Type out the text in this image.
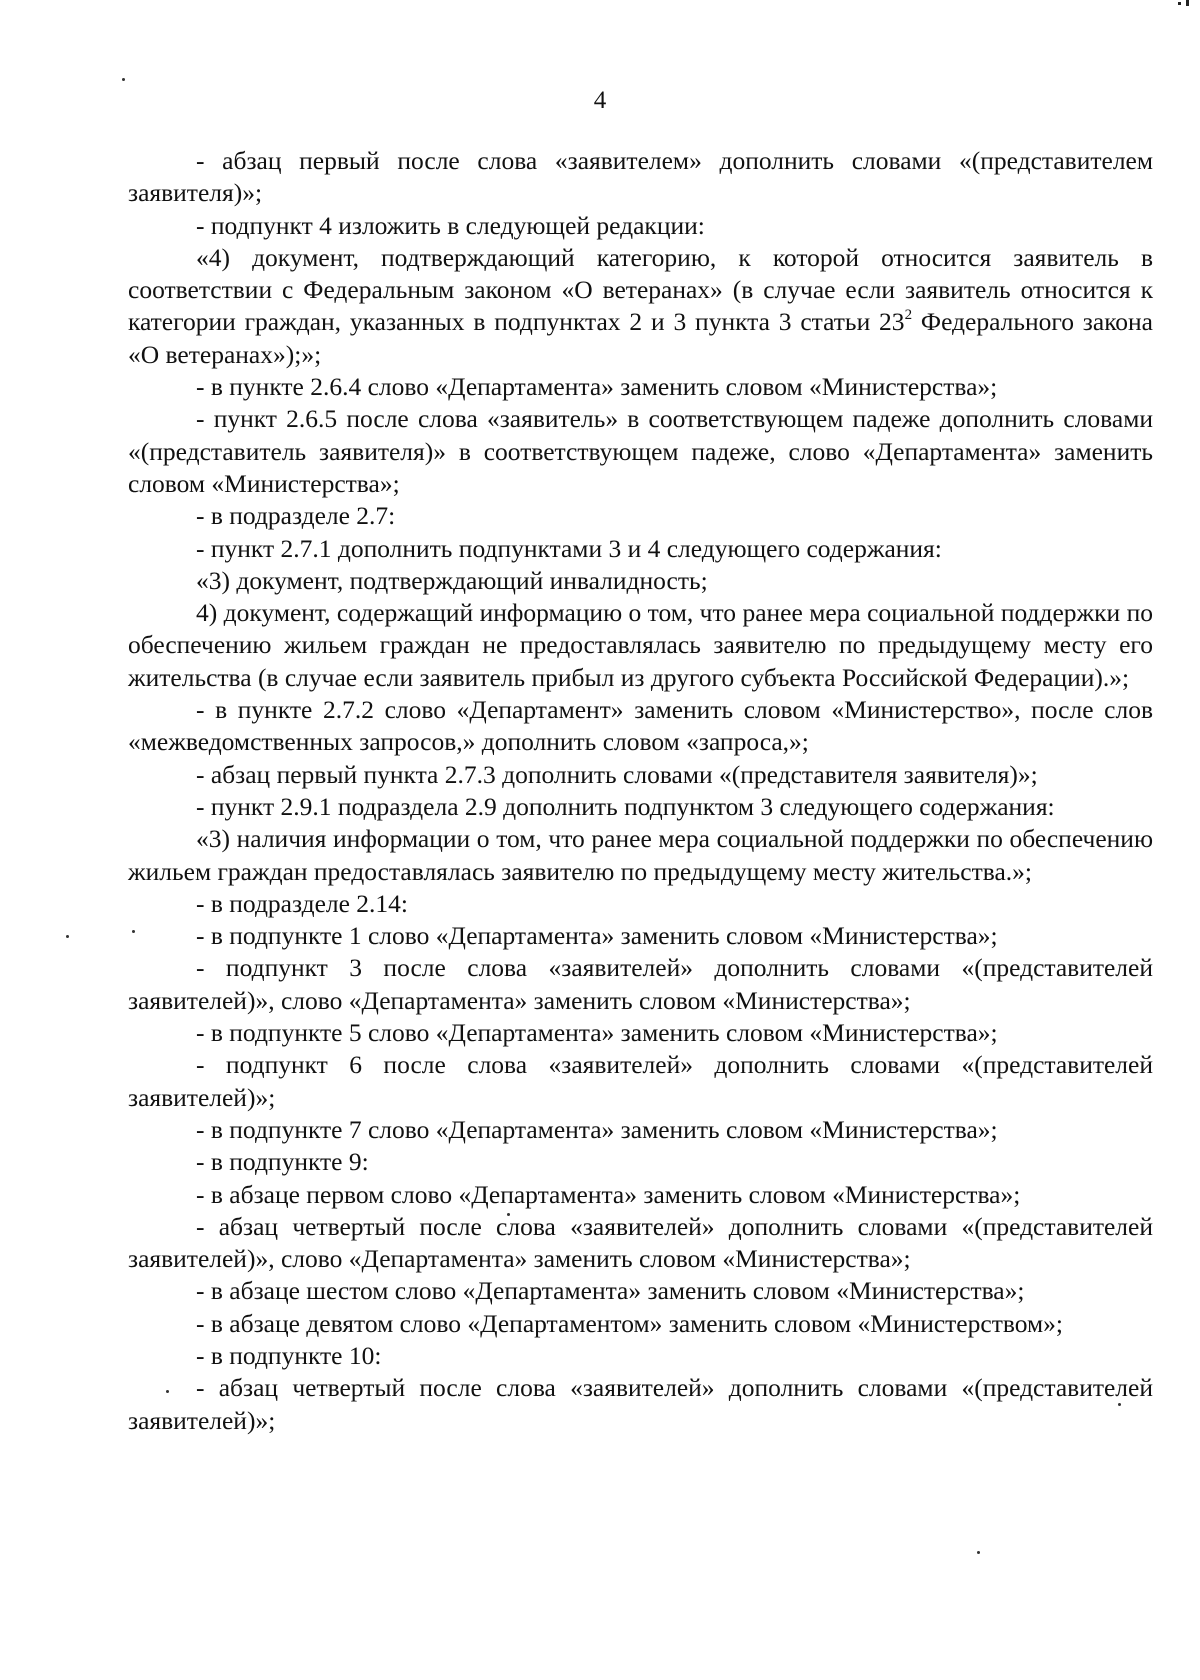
4

- абзац первый после слова «заявителем» дополнить словами «(представителем заявителя)»;

- подпункт 4 изложить в следующей редакции:

«4) документ, подтверждающий категорию, к которой относится заявитель в соответствии с Федеральным законом «О ветеранах» (в случае если заявитель относится к категории граждан, указанных в подпунктах 2 и 3 пункта 3 статьи $23^2$ Федерального закона «О ветеранах»);»;

- в пункте 2.6.4 слово «Департамента» заменить словом «Министерства»;

- пункт 2.6.5 после слова «заявитель» в соответствующем падеже дополнить словами «(представитель заявителя)» в соответствующем падеже, слово «Департамента» заменить словом «Министерства»;

- в подразделе 2.7:

- пункт 2.7.1 дополнить подпунктами 3 и 4 следующего содержания:

«3) документ, подтверждающий инвалидность;

4) документ, содержащий информацию о том, что ранее мера социальной поддержки по обеспечению жильем граждан не предоставлялась заявителю по предыдущему месту его жительства (в случае если заявитель прибыл из другого субъекта Российской Федерации).»;

- в пункте 2.7.2 слово «Департамент» заменить словом «Министерство», после слов «межведомственных запросов,» дополнить словом «запроса,»;

- абзац первый пункта 2.7.3 дополнить словами «(представителя заявителя)»;

- пункт 2.9.1 подраздела 2.9 дополнить подпунктом 3 следующего содержания:

«3) наличия информации о том, что ранее мера социальной поддержки по обеспечению жильем граждан предоставлялась заявителю по предыдущему месту жительства.»;

- в подразделе 2.14:

- в подпункте 1 слово «Департамента» заменить словом «Министерства»;

- подпункт 3 после слова «заявителей» дополнить словами «(представителей заявителей)», слово «Департамента» заменить словом «Министерства»;

- в подпункте 5 слово «Департамента» заменить словом «Министерства»;

- подпункт 6 после слова «заявителей» дополнить словами «(представителей заявителей)»;

- в подпункте 7 слово «Департамента» заменить словом «Министерства»;

- в подпункте 9:

- в абзаце первом слово «Департамента» заменить словом «Министерства»;

- абзац четвертый после слова «заявителей» дополнить словами «(представителей заявителей)», слово «Департамента» заменить словом «Министерства»;

- в абзаце шестом слово «Департамента» заменить словом «Министерства»;

- в абзаце девятом слово «Департаментом» заменить словом «Министерством»;

- в подпункте 10:

- абзац четвертый после слова «заявителей» дополнить словами «(представителей заявителей)»;
